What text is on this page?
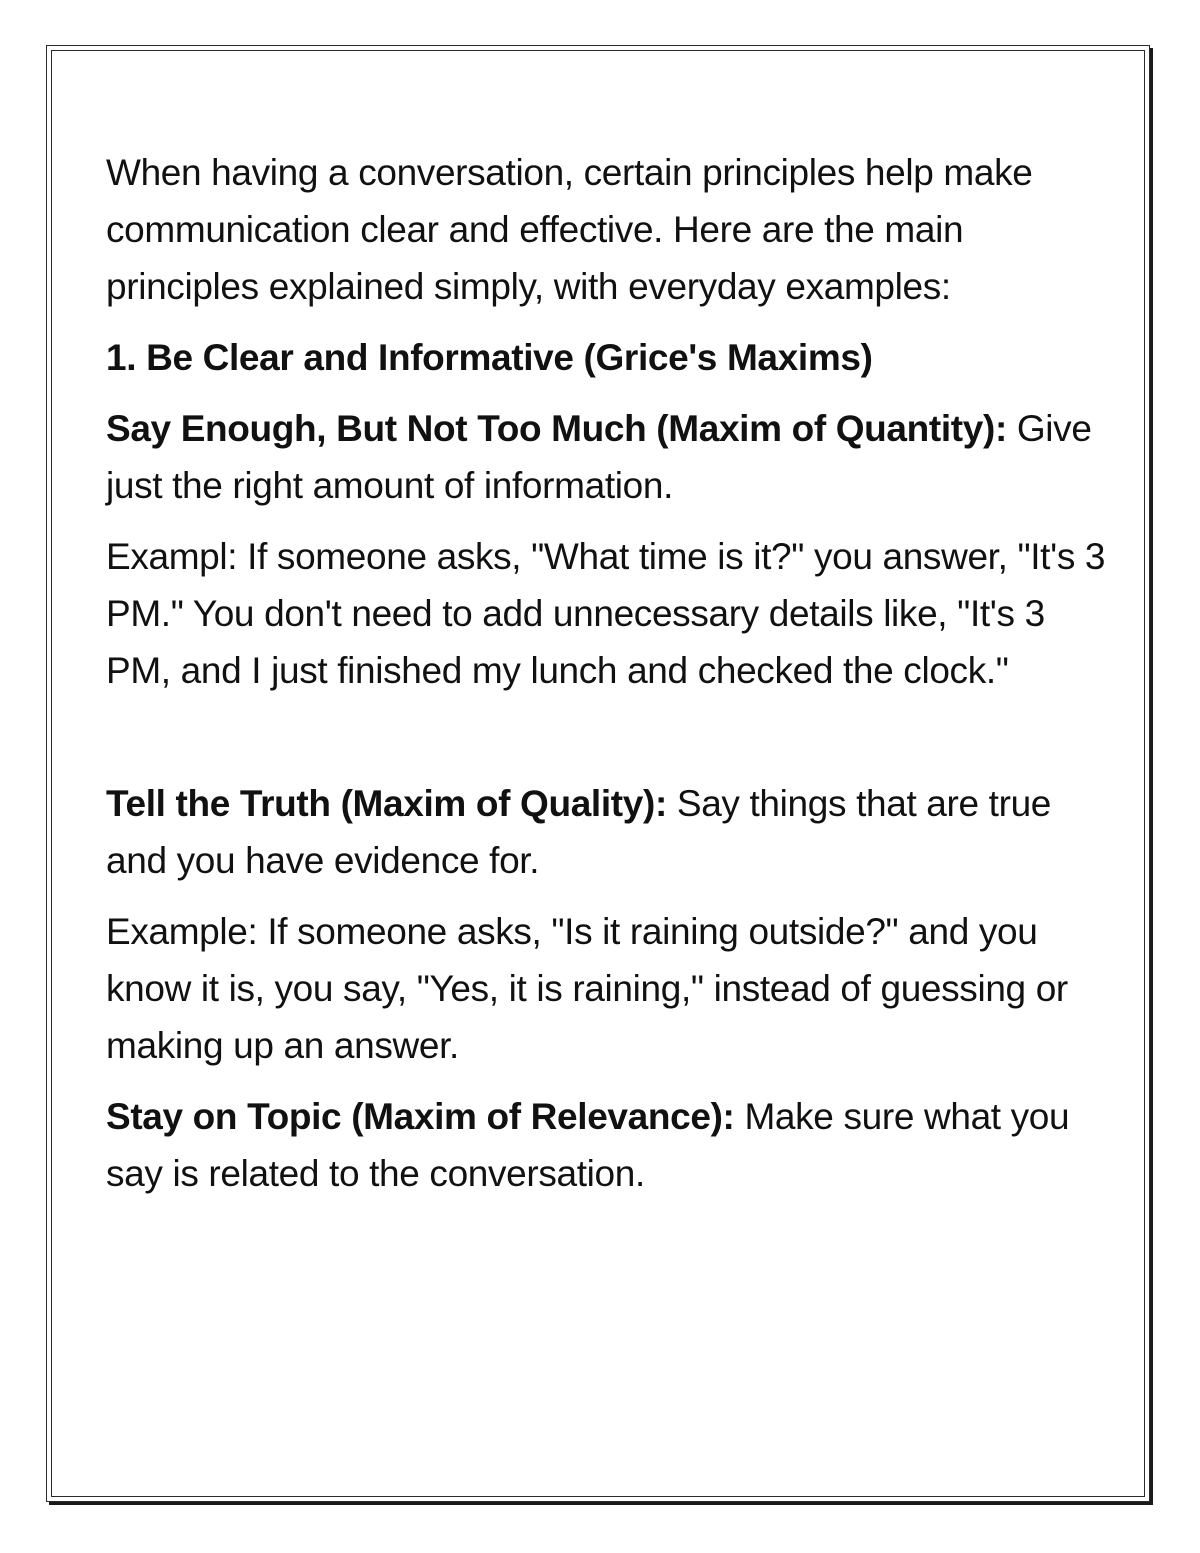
When having a conversation, certain principles help make communication clear and effective. Here are the main principles explained simply, with everyday examples:

1. Be Clear and Informative (Grice's Maxims)

Say Enough, But Not Too Much (Maxim of Quantity): Give just the right amount of information.

Exampl: If someone asks, "What time is it?" you answer, "It's 3 PM." You don't need to add unnecessary details like, "It's 3 PM, and I just finished my lunch and checked the clock."

Tell the Truth (Maxim of Quality): Say things that are true and you have evidence for.

Example: If someone asks, "Is it raining outside?" and you know it is, you say, "Yes, it is raining," instead of guessing or making up an answer.

Stay on Topic (Maxim of Relevance): Make sure what you say is related to the conversation.
